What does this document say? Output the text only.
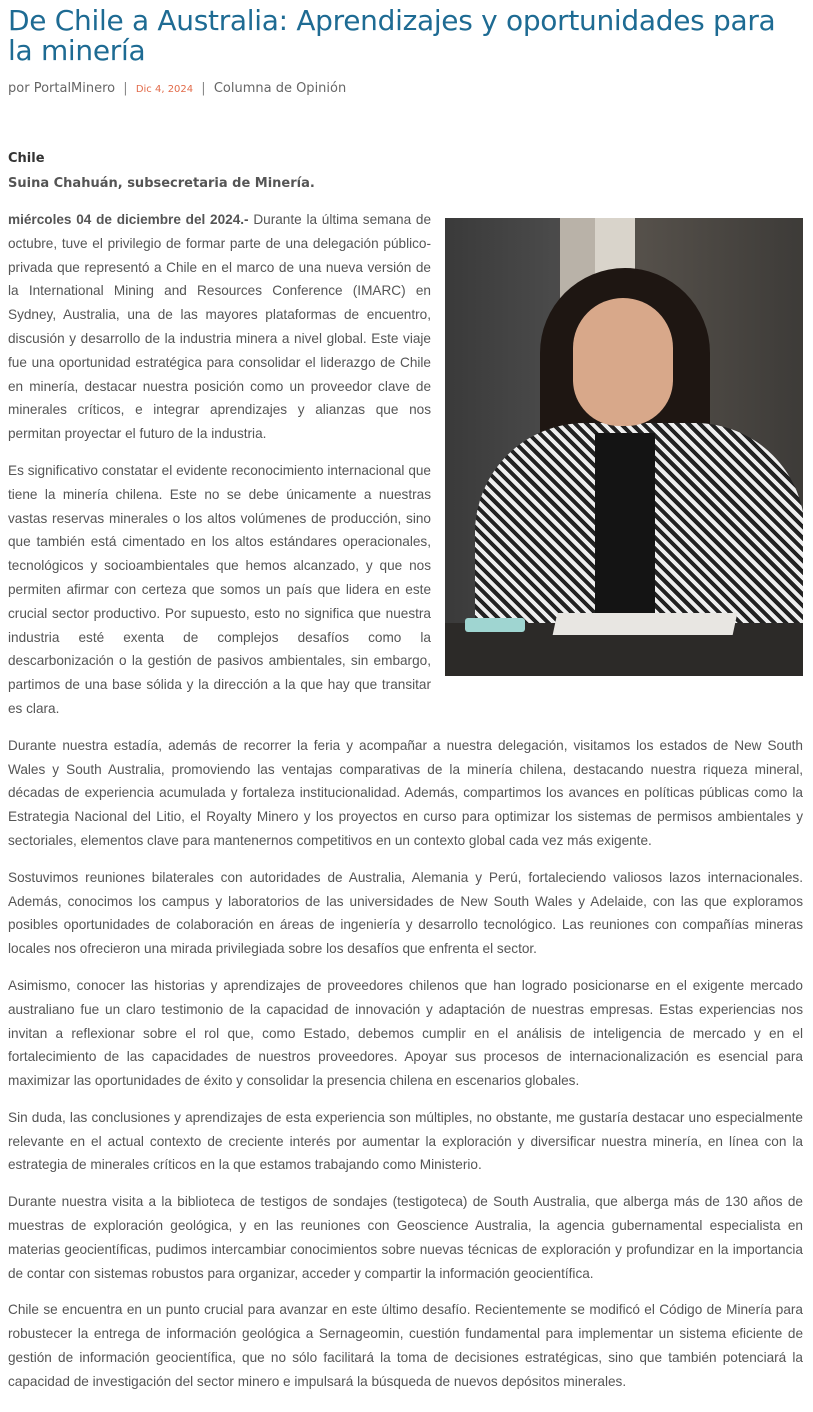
De Chile a Australia: Aprendizajes y oportunidades para la minería
por PortalMinero | Dic 4, 2024 | Columna de Opinión
Chile
Suina Chahuán, subsecretaria de Minería.

miércoles 04 de diciembre del 2024.- Durante la última semana de octubre, tuve el privilegio de formar parte de una delegación público-privada que representó a Chile en el marco de una nueva versión de la International Mining and Resources Conference (IMARC) en Sydney, Australia, una de las mayores plataformas de encuentro, discusión y desarrollo de la industria minera a nivel global. Este viaje fue una oportunidad estratégica para consolidar el liderazgo de Chile en minería, destacar nuestra posición como un proveedor clave de minerales críticos, e integrar aprendizajes y alianzas que nos permitan proyectar el futuro de la industria.

Es significativo constatar el evidente reconocimiento internacional que tiene la minería chilena. Este no se debe únicamente a nuestras vastas reservas minerales o los altos volúmenes de producción, sino que también está cimentado en los altos estándares operacionales, tecnológicos y socioambientales que hemos alcanzado, y que nos permiten afirmar con certeza que somos un país que lidera en este crucial sector productivo. Por supuesto, esto no significa que nuestra industria esté exenta de complejos desafíos como la descarbonización o la gestión de pasivos ambientales, sin embargo, partimos de una base sólida y la dirección a la que hay que transitar es clara.

Durante nuestra estadía, además de recorrer la feria y acompañar a nuestra delegación, visitamos los estados de New South Wales y South Australia, promoviendo las ventajas comparativas de la minería chilena, destacando nuestra riqueza mineral, décadas de experiencia acumulada y fortaleza institucionalidad. Además, compartimos los avances en políticas públicas como la Estrategia Nacional del Litio, el Royalty Minero y los proyectos en curso para optimizar los sistemas de permisos ambientales y sectoriales, elementos clave para mantenernos competitivos en un contexto global cada vez más exigente.

Sostuvimos reuniones bilaterales con autoridades de Australia, Alemania y Perú, fortaleciendo valiosos lazos internacionales. Además, conocimos los campus y laboratorios de las universidades de New South Wales y Adelaide, con las que exploramos posibles oportunidades de colaboración en áreas de ingeniería y desarrollo tecnológico. Las reuniones con compañías mineras locales nos ofrecieron una mirada privilegiada sobre los desafíos que enfrenta el sector.

Asimismo, conocer las historias y aprendizajes de proveedores chilenos que han logrado posicionarse en el exigente mercado australiano fue un claro testimonio de la capacidad de innovación y adaptación de nuestras empresas. Estas experiencias nos invitan a reflexionar sobre el rol que, como Estado, debemos cumplir en el análisis de inteligencia de mercado y en el fortalecimiento de las capacidades de nuestros proveedores. Apoyar sus procesos de internacionalización es esencial para maximizar las oportunidades de éxito y consolidar la presencia chilena en escenarios globales.

Sin duda, las conclusiones y aprendizajes de esta experiencia son múltiples, no obstante, me gustaría destacar uno especialmente relevante en el actual contexto de creciente interés por aumentar la exploración y diversificar nuestra minería, en línea con la estrategia de minerales críticos en la que estamos trabajando como Ministerio.

Durante nuestra visita a la biblioteca de testigos de sondajes (testigoteca) de South Australia, que alberga más de 130 años de muestras de exploración geológica, y en las reuniones con Geoscience Australia, la agencia gubernamental especialista en materias geocientíficas, pudimos intercambiar conocimientos sobre nuevas técnicas de exploración y profundizar en la importancia de contar con sistemas robustos para organizar, acceder y compartir la información geocientífica.

Chile se encuentra en un punto crucial para avanzar en este último desafío. Recientemente se modificó el Código de Minería para robustecer la entrega de información geológica a Sernageomin, cuestión fundamental para implementar un sistema eficiente de gestión de información geocientífica, que no sólo facilitará la toma de decisiones estratégicas, sino que también potenciará la capacidad de investigación del sector minero e impulsará la búsqueda de nuevos depósitos minerales.
